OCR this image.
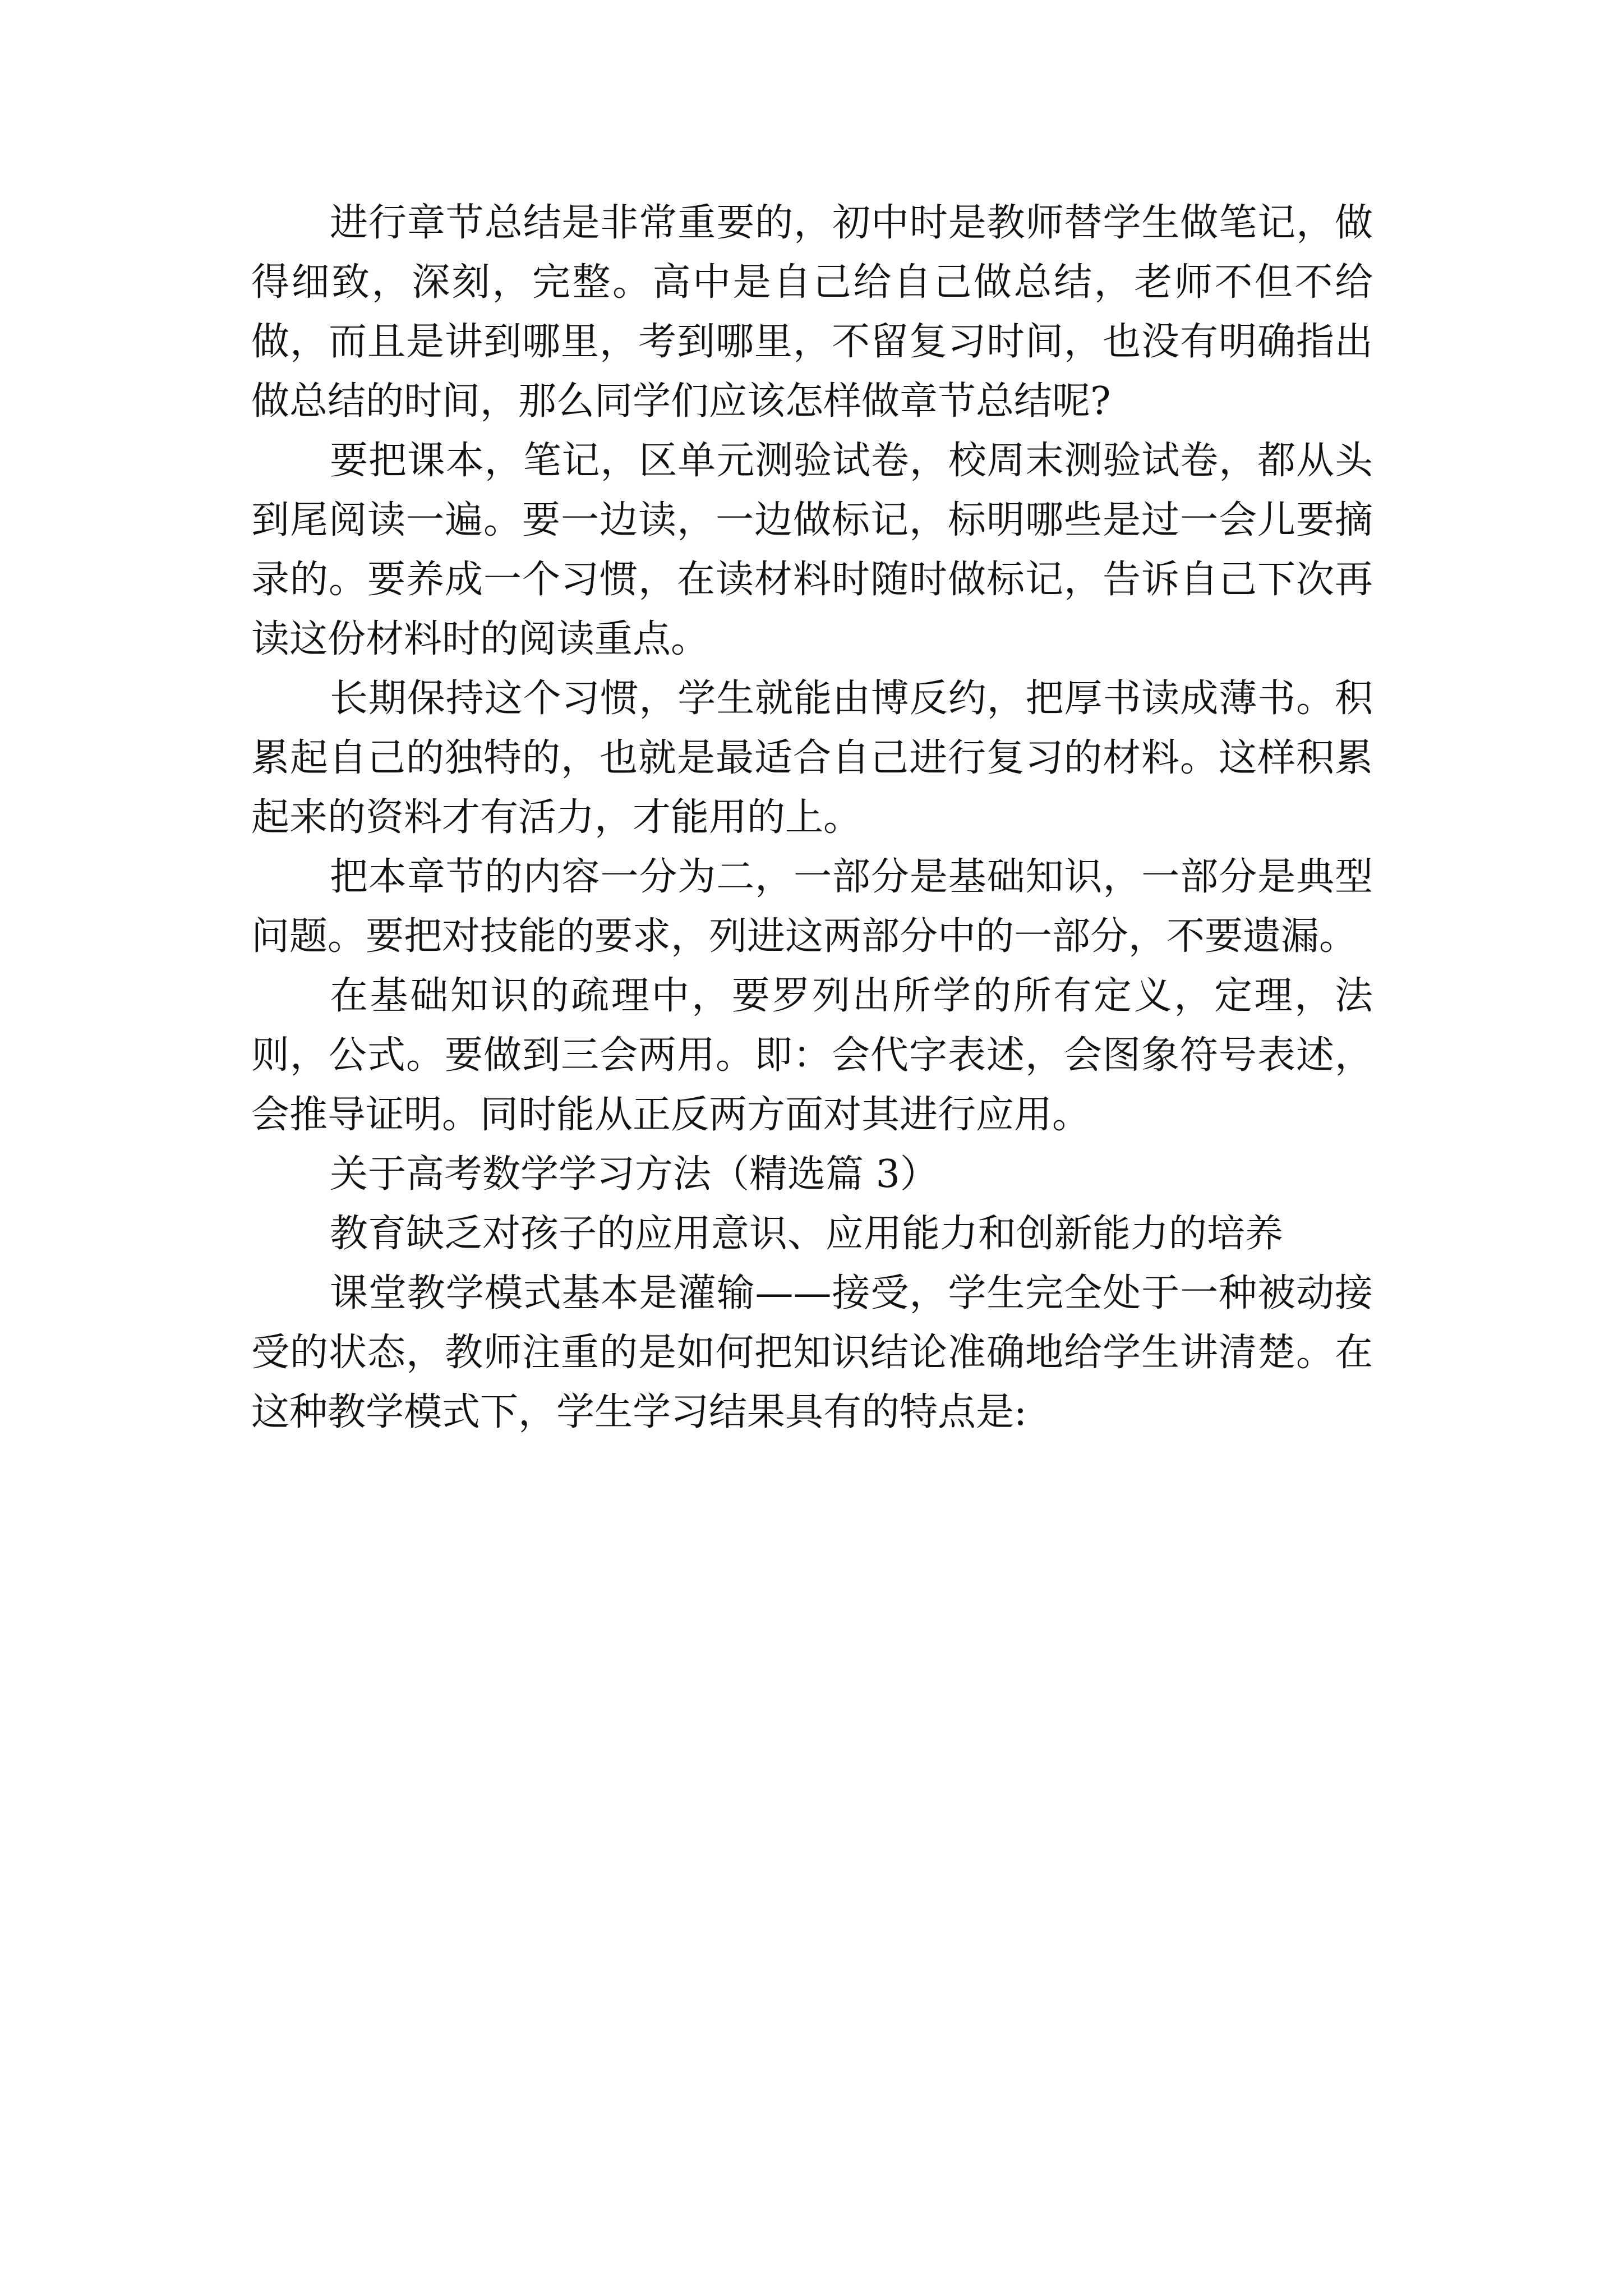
进行章节总结是非常重要的，初中时是教师替学生做笔记，做得细致，深刻，完整。高中是自己给自己做总结，老师不但不给做，而且是讲到哪里，考到哪里，不留复习时间，也没有明确指出做总结的时间，那么同学们应该怎样做章节总结呢?

要把课本，笔记，区单元测验试卷，校周末测验试卷，都从头到尾阅读一遍。要一边读，一边做标记，标明哪些是过一会儿要摘录的。要养成一个习惯，在读材料时随时做标记，告诉自己下次再读这份材料时的阅读重点。

长期保持这个习惯，学生就能由博反约，把厚书读成薄书。积累起自己的独特的，也就是最适合自己进行复习的材料。这样积累起来的资料才有活力，才能用的上。

把本章节的内容一分为二，一部分是基础知识，一部分是典型问题。要把对技能的要求，列进这两部分中的一部分，不要遗漏。

在基础知识的疏理中，要罗列出所学的所有定义，定理，法则，公式。要做到三会两用。即：会代字表述，会图象符号表述，会推导证明。同时能从正反两方面对其进行应用。

关于高考数学学习方法（精选篇 3）

教育缺乏对孩子的应用意识、应用能力和创新能力的培养

课堂教学模式基本是灌输——接受，学生完全处于一种被动接受的状态，教师注重的是如何把知识结论准确地给学生讲清楚。在这种教学模式下，学生学习结果具有的特点是:
